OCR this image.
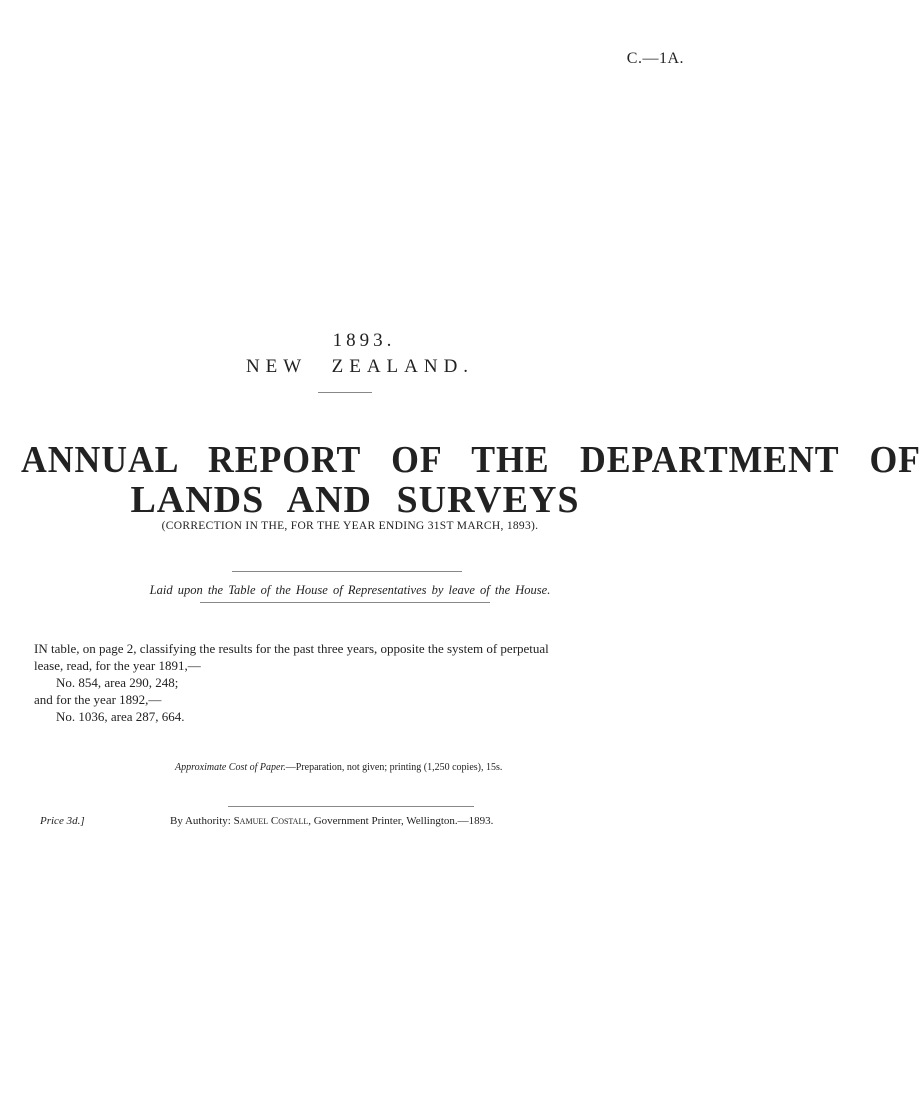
C.—1A.
1893.
NEW ZEALAND.
ANNUAL REPORT OF THE DEPARTMENT OF
LANDS AND SURVEYS
(CORRECTION IN THE, FOR THE YEAR ENDING 31ST MARCH, 1893).
Laid upon the Table of the House of Representatives by leave of the House.
IN table, on page 2, classifying the results for the past three years, opposite the system of perpetual
lease, read, for the year 1891,—
No. 854, area 290, 248;
and for the year 1892,—
No. 1036, area 287, 664.
Approximate Cost of Paper.—Preparation, not given; printing (1,250 copies), 15s.
Price 3d.]	By Authority: Samuel Costall, Government Printer, Wellington.—1893.
